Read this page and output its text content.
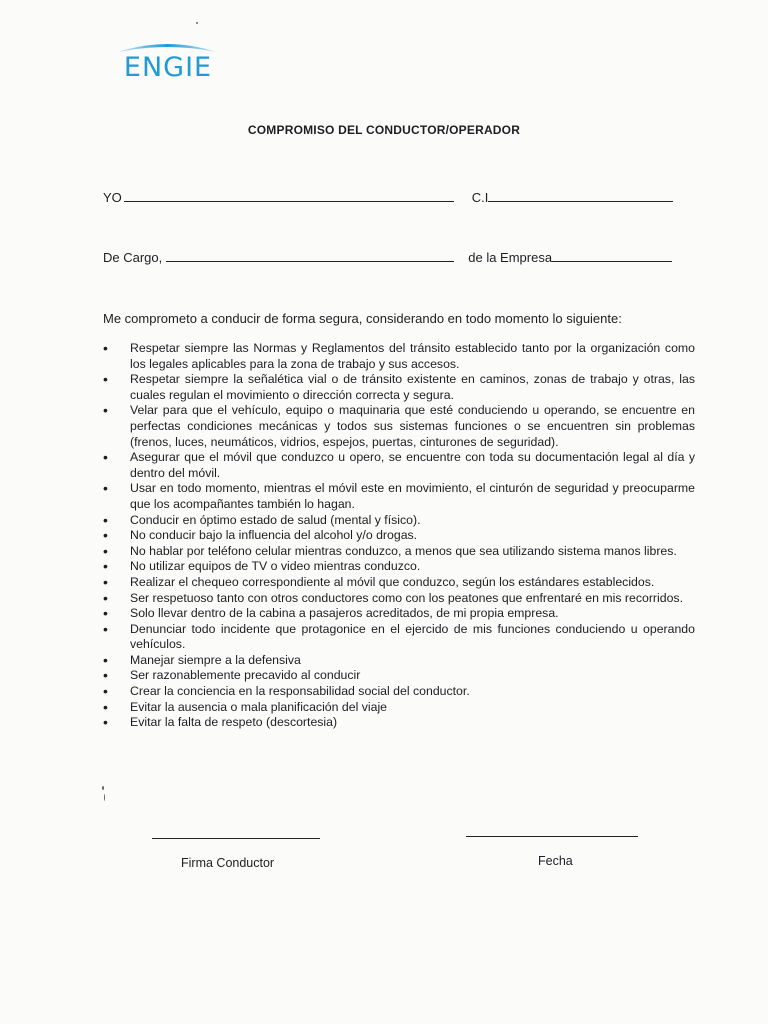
ENGIE
COMPROMISO DEL CONDUCTOR/OPERADOR
YO	C.I
De Cargo,	de la Empresa
Me comprometo a conducir de forma segura, considerando en todo momento lo siguiente:
• Respetar siempre las Normas y Reglamentos del tránsito establecido tanto por la organización como los legales aplicables para la zona de trabajo y sus accesos.
• Respetar siempre la señalética vial o de tránsito existente en caminos, zonas de trabajo y otras, las cuales regulan el movimiento o dirección correcta y segura.
• Velar para que el vehículo, equipo o maquinaria que esté conduciendo u operando, se encuentre en perfectas condiciones mecánicas y todos sus sistemas funciones o se encuentren sin problemas (frenos, luces, neumáticos, vidrios, espejos, puertas, cinturones de seguridad).
• Asegurar que el móvil que conduzco u opero, se encuentre con toda su documentación legal al día y dentro del móvil.
• Usar en todo momento, mientras el móvil este en movimiento, el cinturón de seguridad y preocuparme que los acompañantes también lo hagan.
• Conducir en óptimo estado de salud (mental y físico).
• No conducir bajo la influencia del alcohol y/o drogas.
• No hablar por teléfono celular mientras conduzco, a menos que sea utilizando sistema manos libres.
• No utilizar equipos de TV o video mientras conduzco.
• Realizar el chequeo correspondiente al móvil que conduzco, según los estándares establecidos.
• Ser respetuoso tanto con otros conductores como con los peatones que enfrentaré en mis recorridos.
• Solo llevar dentro de la cabina a pasajeros acreditados, de mi propia empresa.
• Denunciar todo incidente que protagonice en el ejercido de mis funciones conduciendo u operando vehículos.
• Manejar siempre a la defensiva
• Ser razonablemente precavido al conducir
• Crear la conciencia en la responsabilidad social del conductor.
• Evitar la ausencia o mala planificación del viaje
• Evitar la falta de respeto (descortesia)
Firma Conductor	Fecha
